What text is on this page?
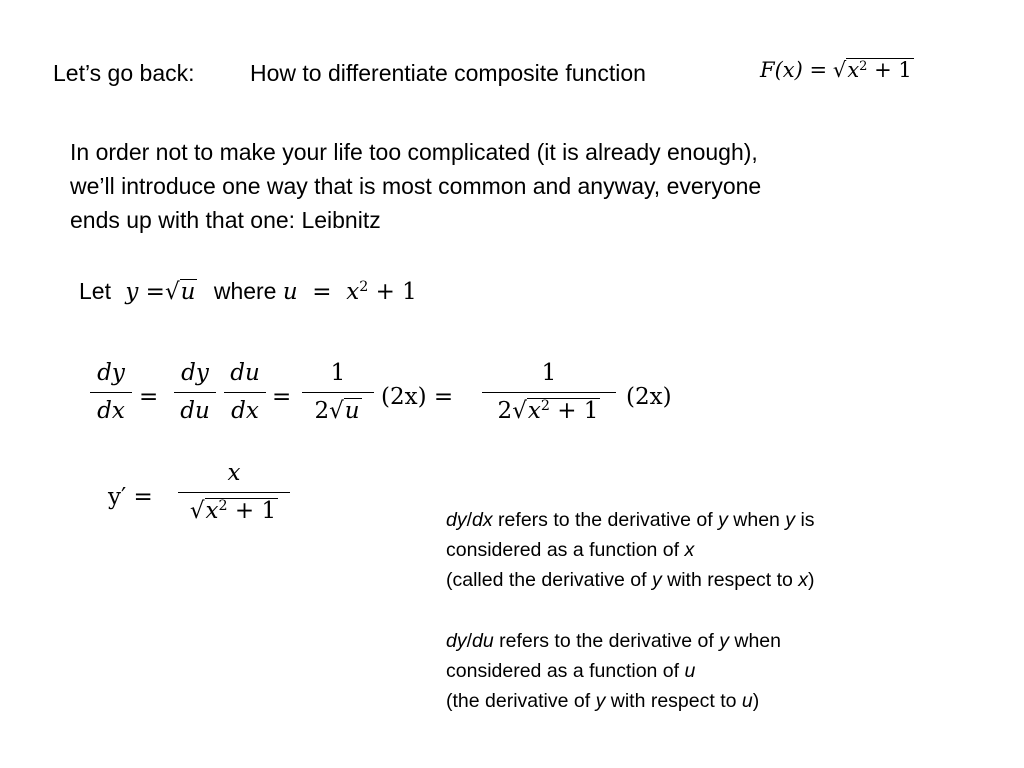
Let’s go back: How to differentiate composite function	$F(x) = √x^2 + 1$
In order not to make your life too complicated (it is already enough),
we’ll introduce one way that is most common and anyway, everyone
ends up with that one: Leibnitz
Let y =√u where $u = x^2 + 1$
dy
dx
=
dy
du
du
dx
=
1
2√u
(2x) =
1
$2√x^2 + 1$
(2x)
y′ =
x
$√x^2 + 1$	dy/dx refers to the derivative of y when y is
considered as a function of x
(called the derivative of y with respect to x)
dy/du refers to the derivative of y when
considered as a function of u
(the derivative of y with respect to u)
